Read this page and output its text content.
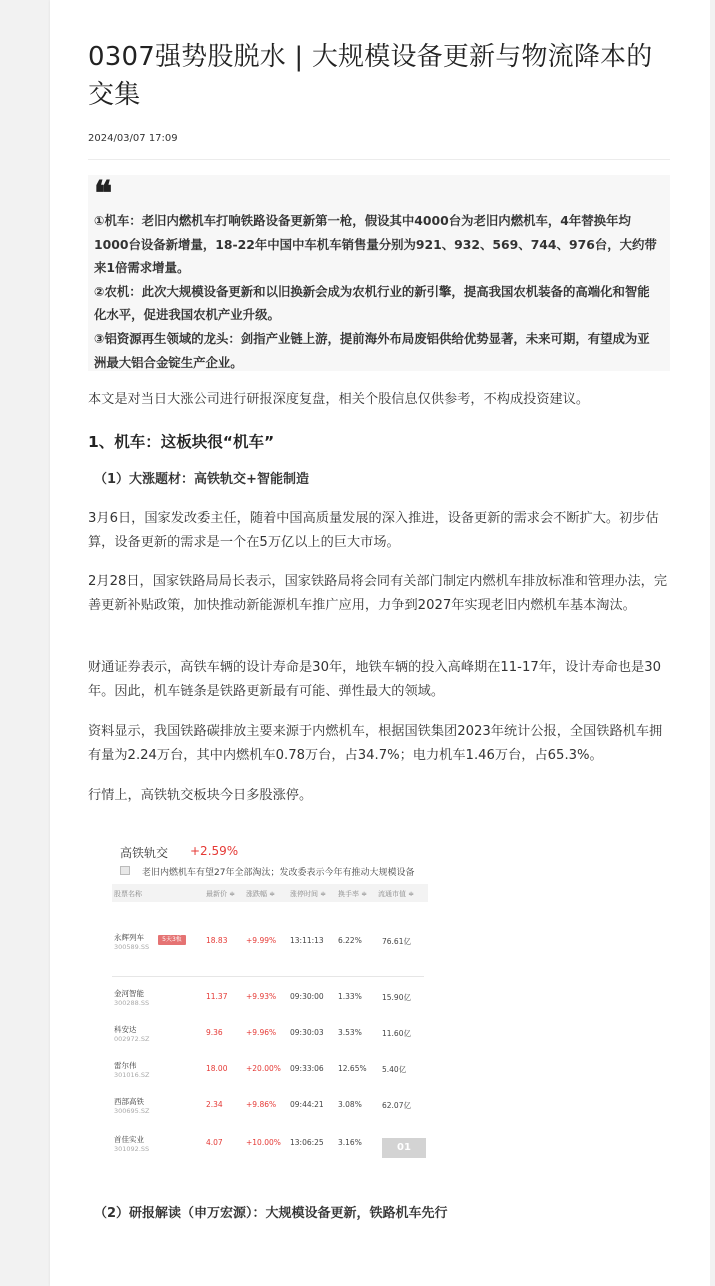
0307强势股脱水 | 大规模设备更新与物流降本的交集
2024/03/07 17:09
❝
①机车：老旧内燃机车打响铁路设备更新第一枪，假设其中4000台为老旧内燃机车，4年替换年均1000台设备新增量，18-22年中国中车机车销售量分别为921、932、569、744、976台，大约带来1倍需求增量。
②农机：此次大规模设备更新和以旧换新会成为农机行业的新引擎，提高我国农机装备的高端化和智能化水平，促进我国农机产业升级。
③铝资源再生领域的龙头：剑指产业链上游，提前海外布局废铝供给优势显著，未来可期，有望成为亚洲最大铝合金锭生产企业。
本文是对当日大涨公司进行研报深度复盘，相关个股信息仅供参考，不构成投资建议。
1、机车：这板块很“机车”
（1）大涨题材：高铁轨交+智能制造
3月6日，国家发改委主任，随着中国高质量发展的深入推进，设备更新的需求会不断扩大。初步估算，设备更新的需求是一个在5万亿以上的巨大市场。
2月28日，国家铁路局局长表示，国家铁路局将会同有关部门制定内燃机车排放标准和管理办法，完善更新补贴政策，加快推动新能源机车推广应用，力争到2027年实现老旧内燃机车基本淘汰。
财通证券表示，高铁车辆的设计寿命是30年，地铁车辆的投入高峰期在11-17年，设计寿命也是30年。因此，机车链条是铁路更新最有可能、弹性最大的领域。
资料显示，我国铁路碳排放主要来源于内燃机车，根据国铁集团2023年统计公报，全国铁路机车拥有量为2.24万台，其中内燃机车0.78万台，占34.7%；电力机车1.46万台，占65.3%。
行情上，高铁轨交板块今日多股涨停。
高铁轨交 +2.59%
老旧内燃机车有望27年全部淘汰；发改委表示今年有推动大规模设备
股票名称	最新价 ≑ 涨跌幅 ≑ 涨停时间 ≑ 换手率 ≑ 流通市值 ≑
永辉列车
300589.SS
5天3板	18.83 +9.99% 13:11:13 6.22%	76.61亿
金河智能
300288.SS
11.37 +9.93% 09:30:00 1.33%	15.90亿
科安达
002972.SZ
9.36	+9.96% 09:30:03 3.53%	11.60亿
雷尔伟
301016.SZ
18.00 +20.00% 09:33:06 12.65% 5.40亿
西部高铁
300695.SZ
2.34	+9.86% 09:44:21 3.08%	62.07亿
首佳实业
301092.SS
4.07	+10.00% 13:06:25 3.16%	01
（2）研报解读（申万宏源）：大规模设备更新，铁路机车先行
